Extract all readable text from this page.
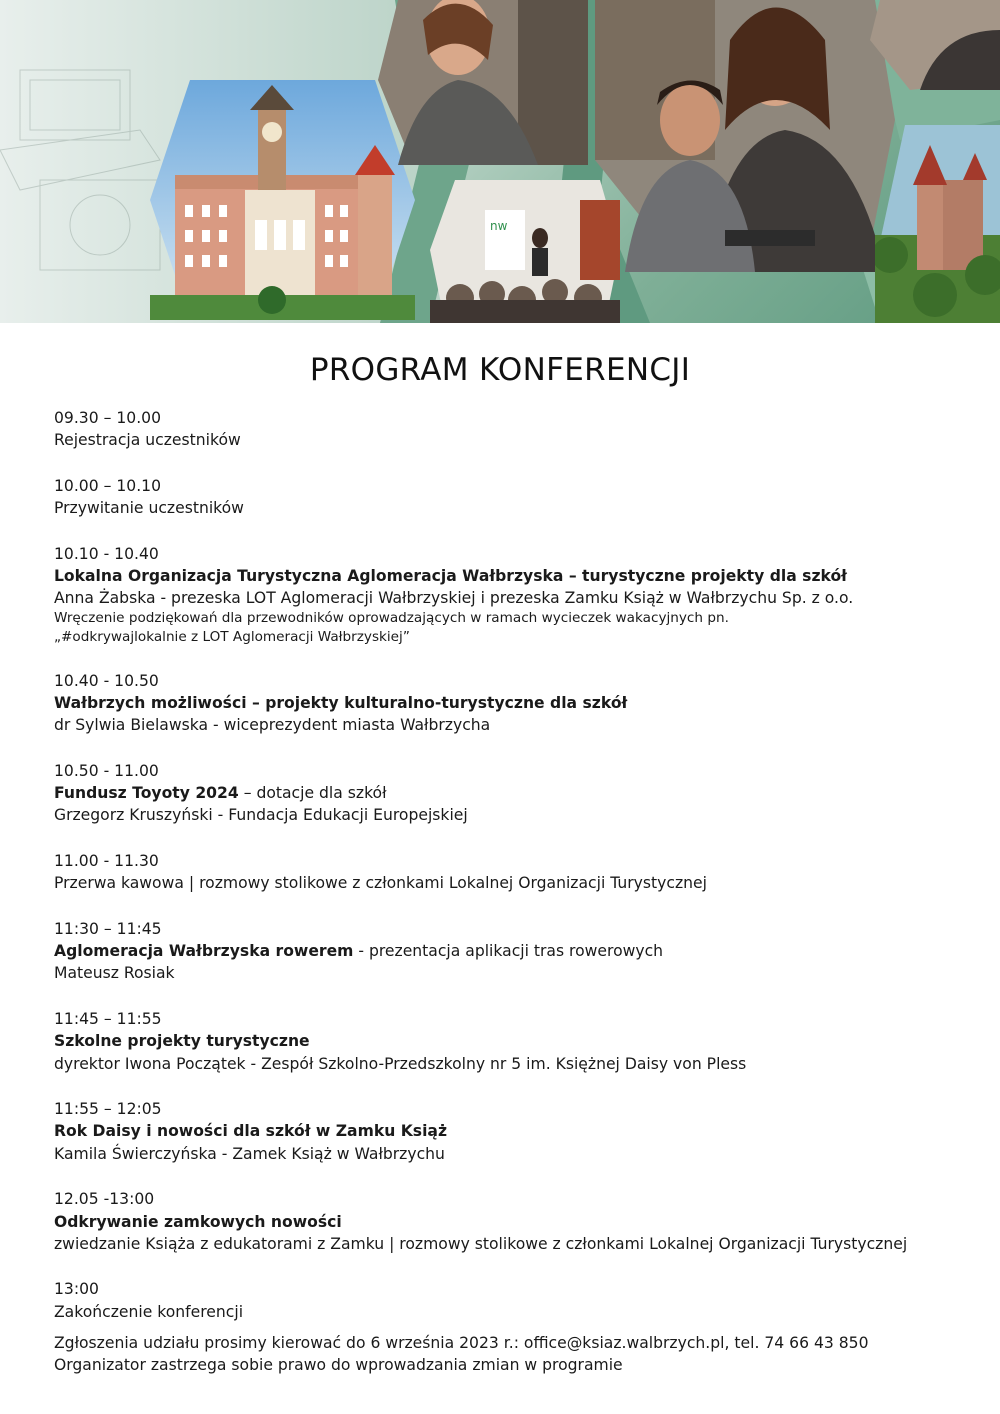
nw
PROGRAM KONFERENCJI
09.30 – 10.00
Rejestracja uczestników
10.00 – 10.10
Przywitanie uczestników
10.10 - 10.40
Lokalna Organizacja Turystyczna Aglomeracja Wałbrzyska – turystyczne projekty dla szkół
Anna Żabska - prezeska LOT Aglomeracji Wałbrzyskiej i prezeska Zamku Książ w Wałbrzychu Sp. z o.o.
Wręczenie podziękowań dla przewodników oprowadzających w ramach wycieczek wakacyjnych pn.
„#odkrywajlokalnie z LOT Aglomeracji Wałbrzyskiej”
10.40 - 10.50
Wałbrzych możliwości – projekty kulturalno-turystyczne dla szkół
dr Sylwia Bielawska - wiceprezydent miasta Wałbrzycha
10.50 - 11.00
Fundusz Toyoty 2024 – dotacje dla szkół
Grzegorz Kruszyński - Fundacja Edukacji Europejskiej
11.00 - 11.30
Przerwa kawowa | rozmowy stolikowe z członkami Lokalnej Organizacji Turystycznej
11:30 – 11:45
Aglomeracja Wałbrzyska rowerem - prezentacja aplikacji tras rowerowych
Mateusz Rosiak
11:45 – 11:55
Szkolne projekty turystyczne
dyrektor Iwona Początek - Zespół Szkolno-Przedszkolny nr 5 im. Księżnej Daisy von Pless
11:55 – 12:05
Rok Daisy i nowości dla szkół w Zamku Książ
Kamila Świerczyńska - Zamek Książ w Wałbrzychu
12.05 -13:00
Odkrywanie zamkowych nowości
zwiedzanie Książa z edukatorami z Zamku | rozmowy stolikowe z członkami Lokalnej Organizacji Turystycznej
13:00
Zakończenie konferencji
Zgłoszenia udziału prosimy kierować do 6 września 2023 r.: office@ksiaz.walbrzych.pl, tel. 74 66 43 850
Organizator zastrzega sobie prawo do wprowadzania zmian w programie
